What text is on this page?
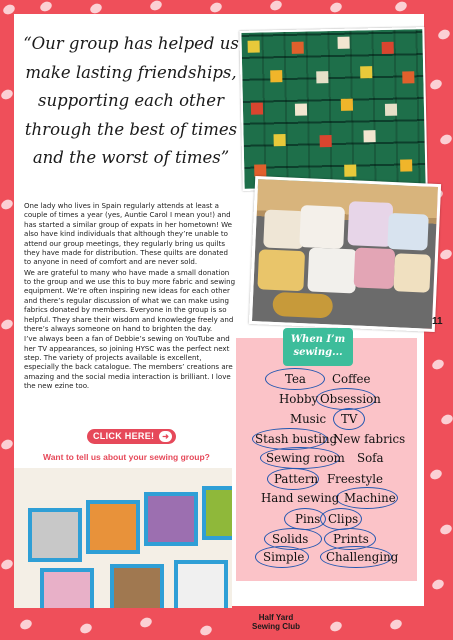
“Our group has helped us
make lasting friendships,
supporting each other
through the best of times
and the worst of times”

One lady who lives in Spain regularly attends at least a couple of times a year (yes, Auntie Carol I mean you!) and has started a similar group of expats in her hometown! We also have kind individuals that although they’re unable to attend our group meetings, they regularly bring us quilts they have made for distribution. These quilts are donated to anyone in need of comfort and are never sold.

We are grateful to many who have made a small donation to the group and we use this to buy more fabric and sewing equipment. We’re often inspiring new ideas for each other and there’s regular discussion of what we can make using fabrics donated by members. Everyone in the group is so helpful. They share their wisdom and knowledge freely and there’s always someone on hand to brighten the day.

I’ve always been a fan of Debbie’s sewing on YouTube and her TV appearances, so joining HYSC was the perfect next step. The variety of projects available is excellent, especially the back catalogue. The members’ creations are amazing and the social media interaction is brilliant. I love the new ezine too.

CLICK HERE! ➜
Want to tell us about your sewing group?
11
When I’m
sewing...
Tea Coffee
Hobby Obsession
Music TV
Stash busting
New fabrics
Sewing room Sofa
Pattern Freestyle
Hand sewing Machine
Pins Clips
Solids Prints
Simple Challenging
Half Yard
Sewing Club
